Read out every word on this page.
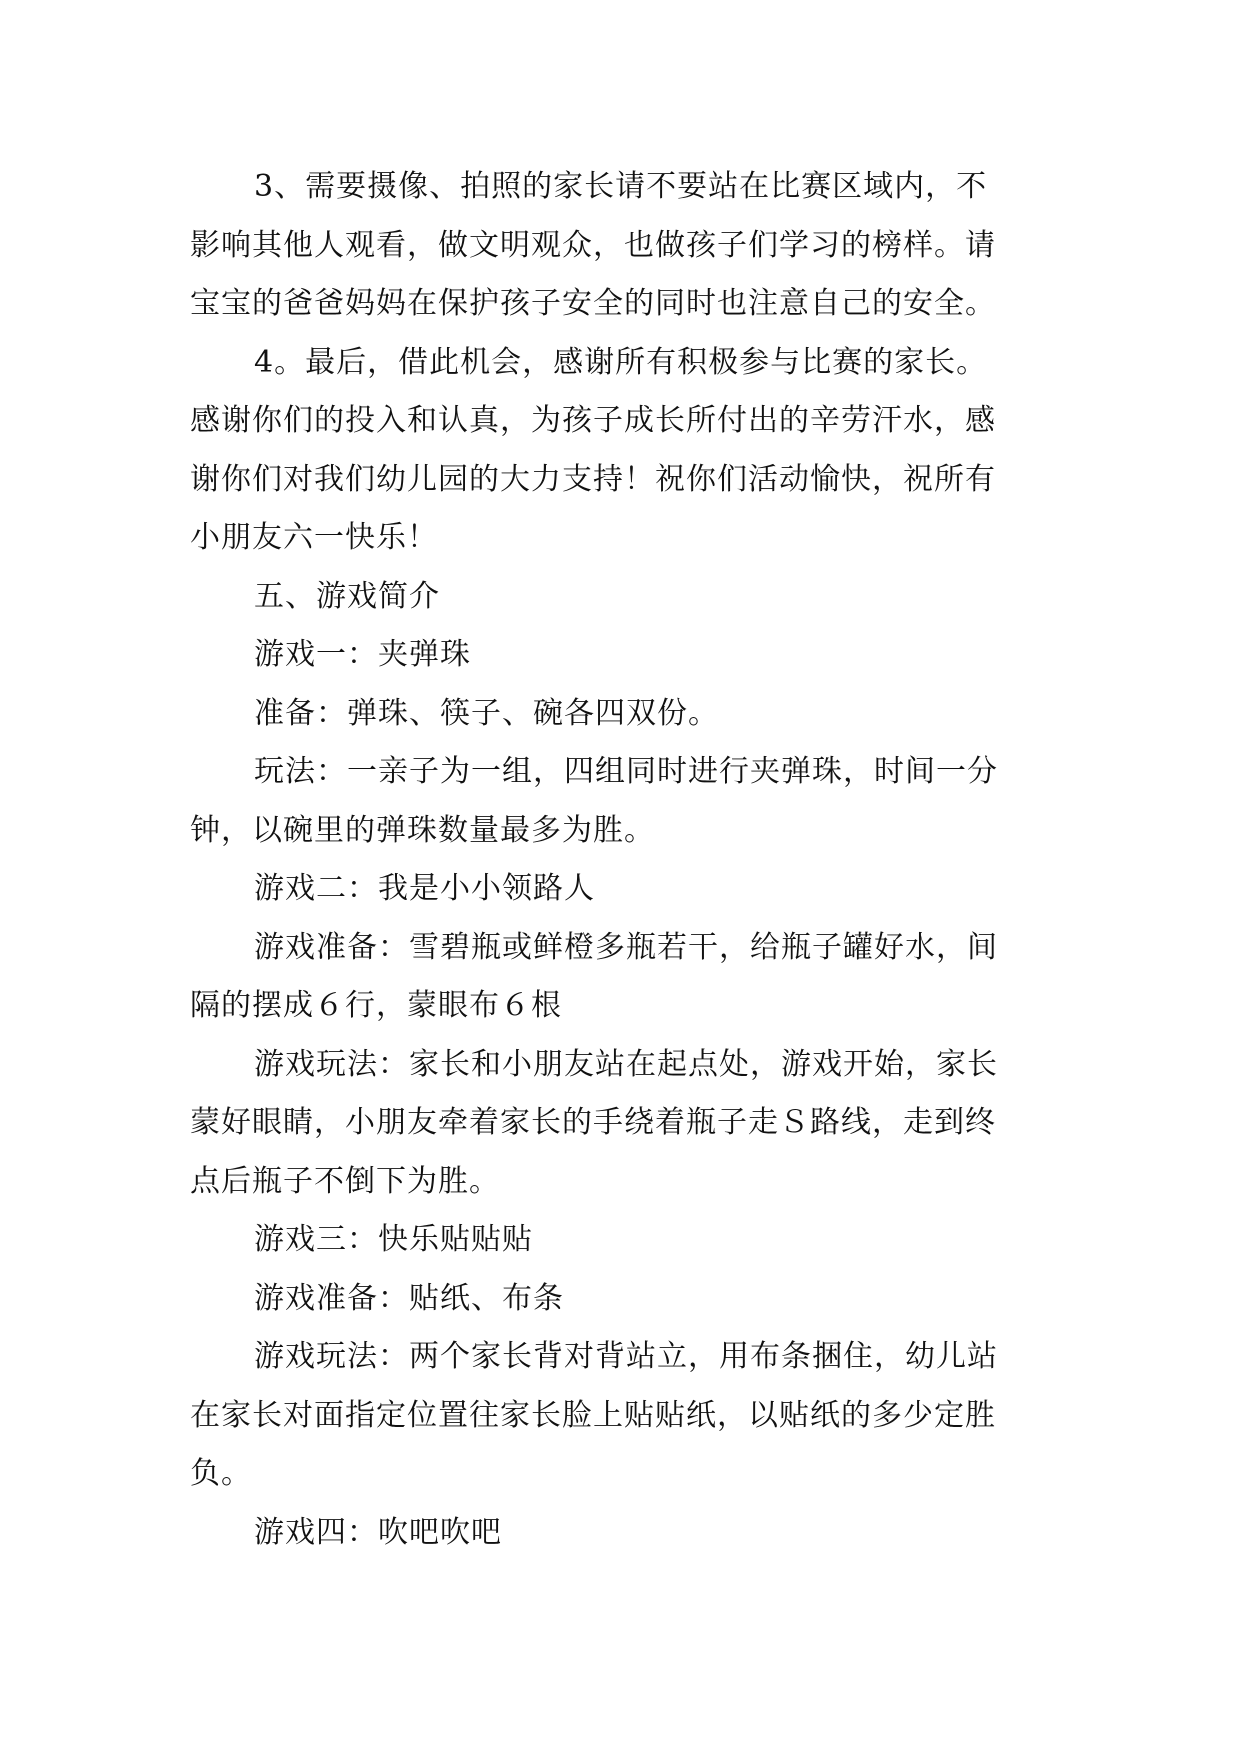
3、需要摄像、拍照的家长请不要站在比赛区域内，不
影响其他人观看，做文明观众，也做孩子们学习的榜样。请
宝宝的爸爸妈妈在保护孩子安全的同时也注意自己的安全。
4。最后，借此机会，感谢所有积极参与比赛的家长。
感谢你们的投入和认真，为孩子成长所付出的辛劳汗水，感
谢你们对我们幼儿园的大力支持！祝你们活动愉快，祝所有
小朋友六一快乐！
五、游戏简介
游戏一：夹弹珠
准备：弹珠、筷子、碗各四双份。
玩法：一亲子为一组，四组同时进行夹弹珠，时间一分
钟，以碗里的弹珠数量最多为胜。
游戏二：我是小小领路人
游戏准备：雪碧瓶或鲜橙多瓶若干，给瓶子罐好水，间
隔的摆成６行，蒙眼布６根
游戏玩法：家长和小朋友站在起点处，游戏开始，家长
蒙好眼睛，小朋友牵着家长的手绕着瓶子走Ｓ路线，走到终
点后瓶子不倒下为胜。
游戏三：快乐贴贴贴
游戏准备：贴纸、布条
游戏玩法：两个家长背对背站立，用布条捆住，幼儿站
在家长对面指定位置往家长脸上贴贴纸，以贴纸的多少定胜
负。
游戏四：吹吧吹吧
